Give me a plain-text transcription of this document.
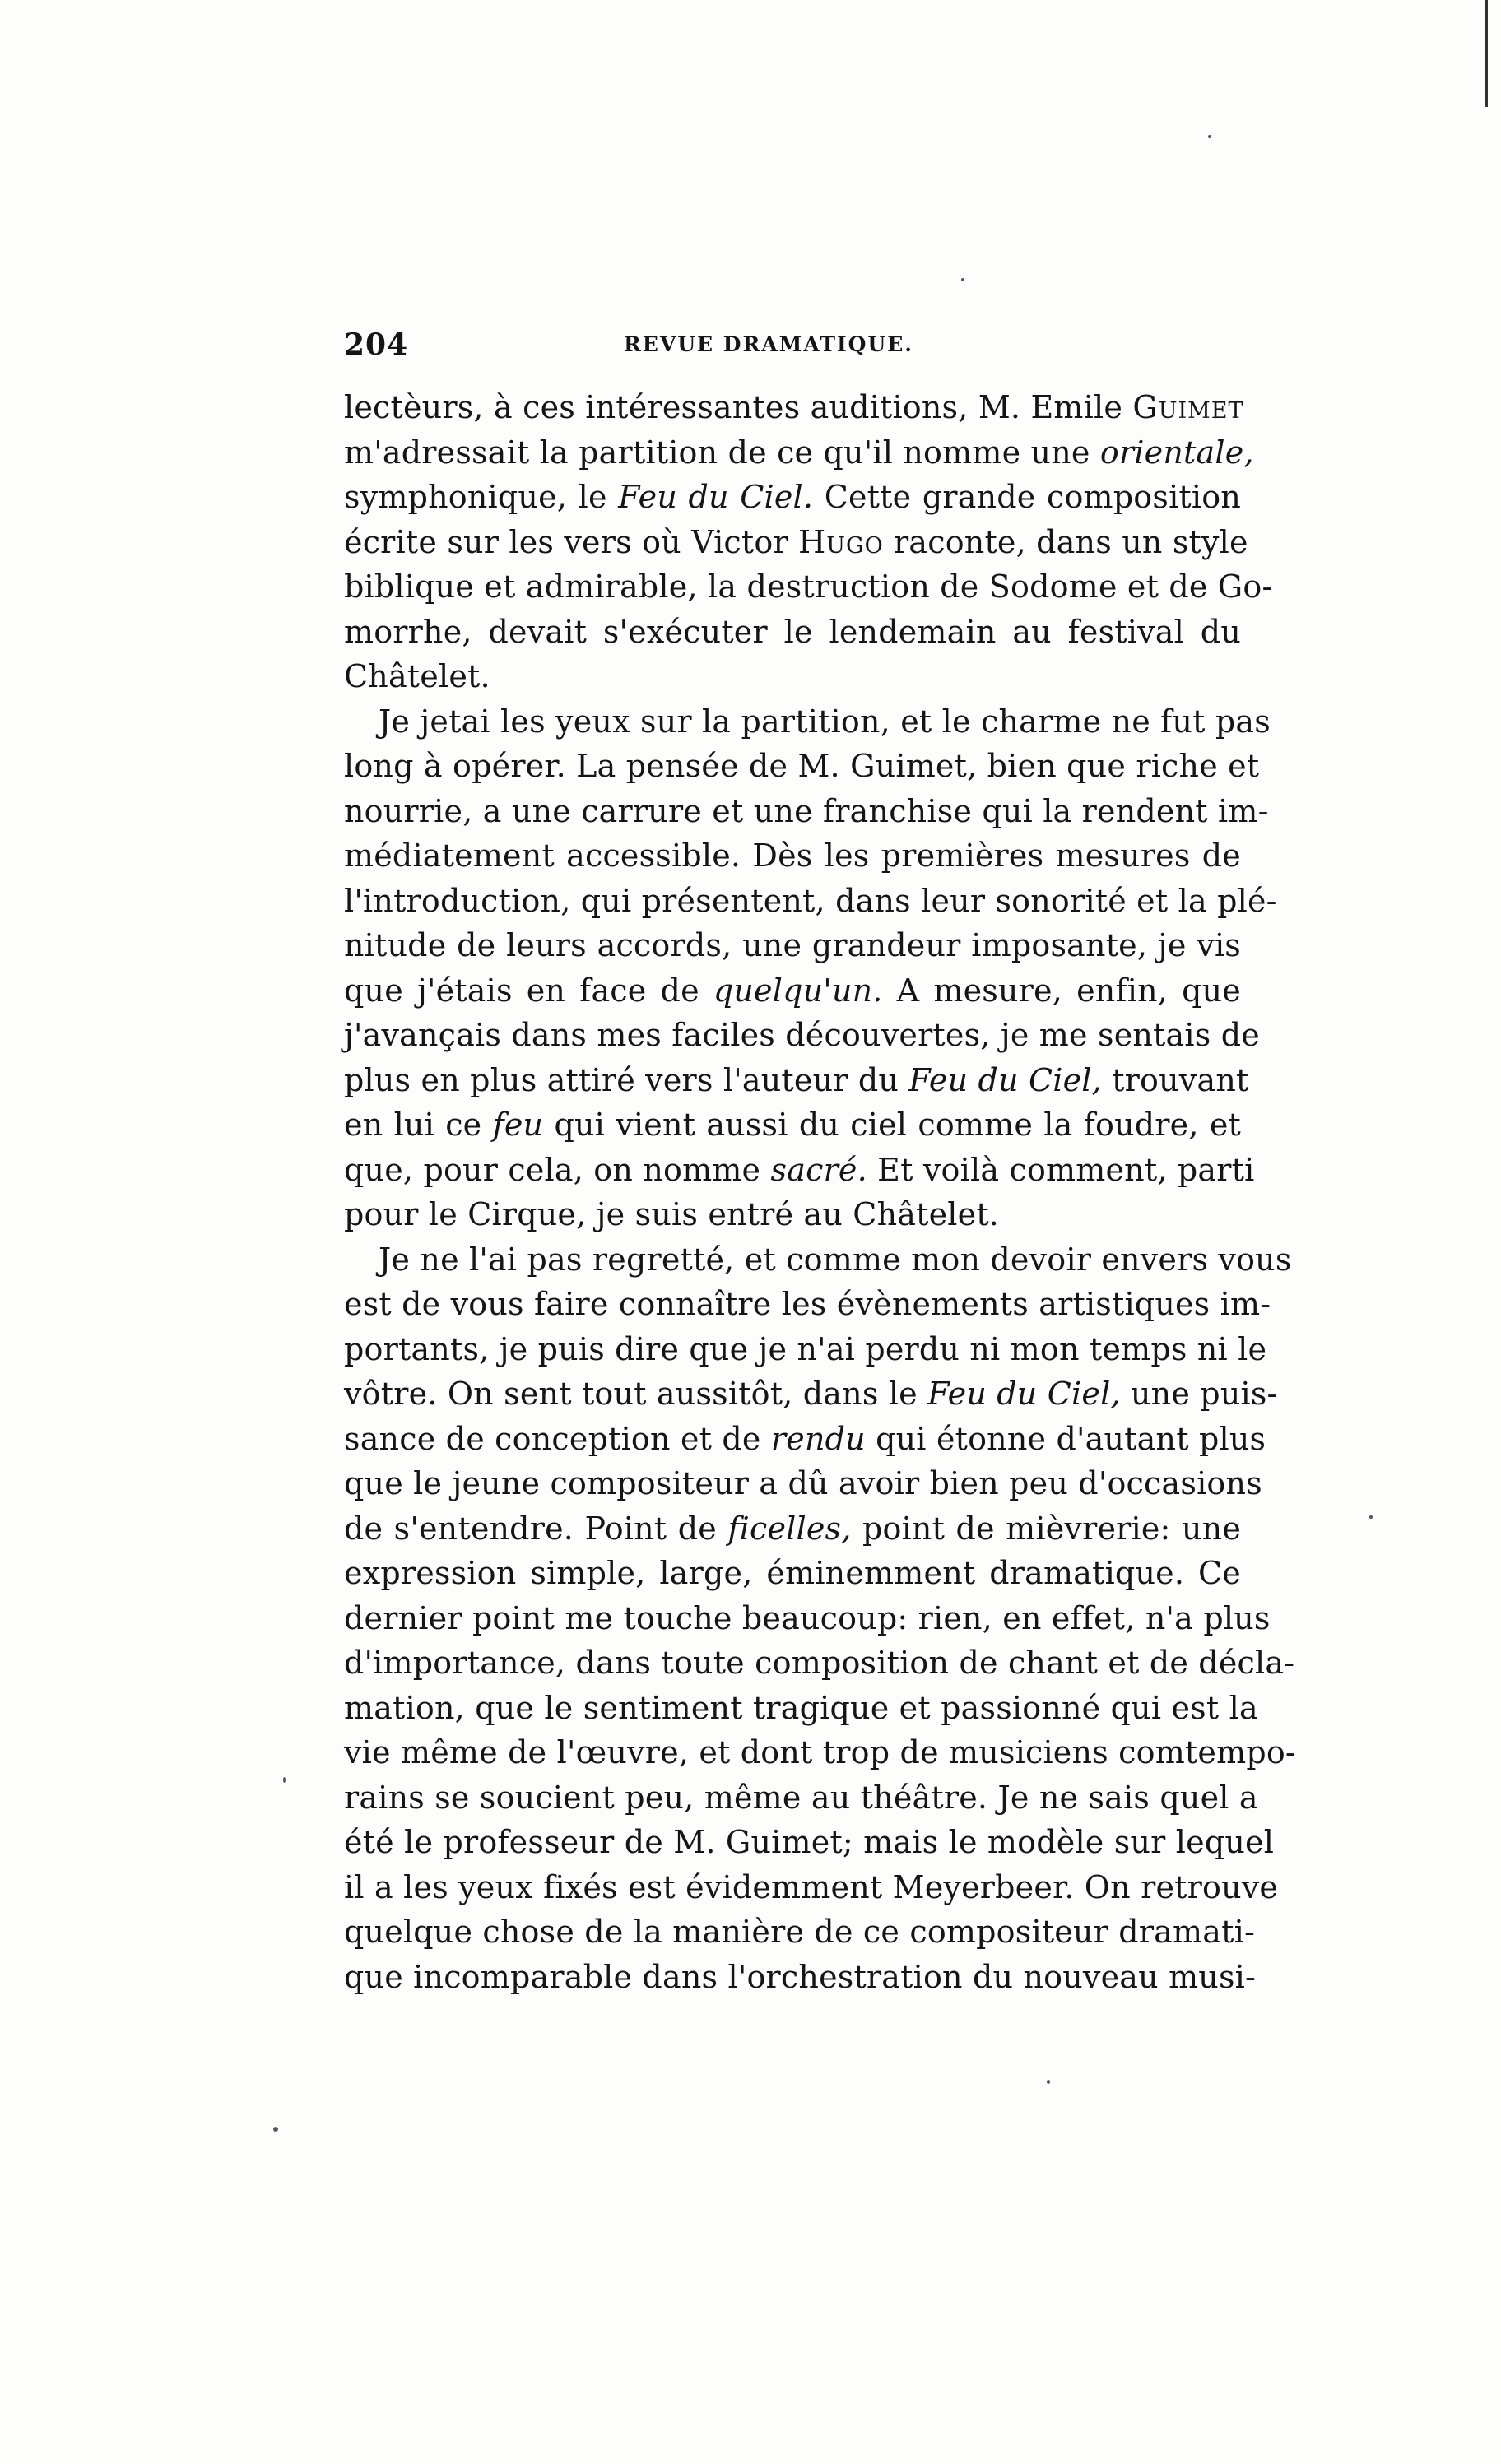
204	REVUE DRAMATIQUE.
lectèurs, à ces intéressantes auditions, M. Emile Guimet
m'adressait la partition de ce qu'il nomme une orientale,
symphonique, le Feu du Ciel. Cette grande composition
écrite sur les vers où Victor Hugo raconte, dans un style
biblique et admirable, la destruction de Sodome et de Go-
morrhe, devait s'exécuter le lendemain au festival du
Châtelet.
Je jetai les yeux sur la partition, et le charme ne fut pas
long à opérer. La pensée de M. Guimet, bien que riche et
nourrie, a une carrure et une franchise qui la rendent im-
médiatement accessible. Dès les premières mesures de
l'introduction, qui présentent, dans leur sonorité et la plé-
nitude de leurs accords, une grandeur imposante, je vis
que j'étais en face de quelqu'un. A mesure, enfin, que
j'avançais dans mes faciles découvertes, je me sentais de
plus en plus attiré vers l'auteur du Feu du Ciel, trouvant
en lui ce feu qui vient aussi du ciel comme la foudre, et
que, pour cela, on nomme sacré. Et voilà comment, parti
pour le Cirque, je suis entré au Châtelet.
Je ne l'ai pas regretté, et comme mon devoir envers vous
est de vous faire connaître les évènements artistiques im-
portants, je puis dire que je n'ai perdu ni mon temps ni le
vôtre. On sent tout aussitôt, dans le Feu du Ciel, une puis-
sance de conception et de rendu qui étonne d'autant plus
que le jeune compositeur a dû avoir bien peu d'occasions
de s'entendre. Point de ficelles, point de mièvrerie: une
expression simple, large, éminemment dramatique. Ce
dernier point me touche beaucoup: rien, en effet, n'a plus
d'importance, dans toute composition de chant et de décla-
mation, que le sentiment tragique et passionné qui est la
vie même de l'œuvre, et dont trop de musiciens comtempo-
rains se soucient peu, même au théâtre. Je ne sais quel a
été le professeur de M. Guimet; mais le modèle sur lequel
il a les yeux fixés est évidemment Meyerbeer. On retrouve
quelque chose de la manière de ce compositeur dramati-
que incomparable dans l'orchestration du nouveau musi-
